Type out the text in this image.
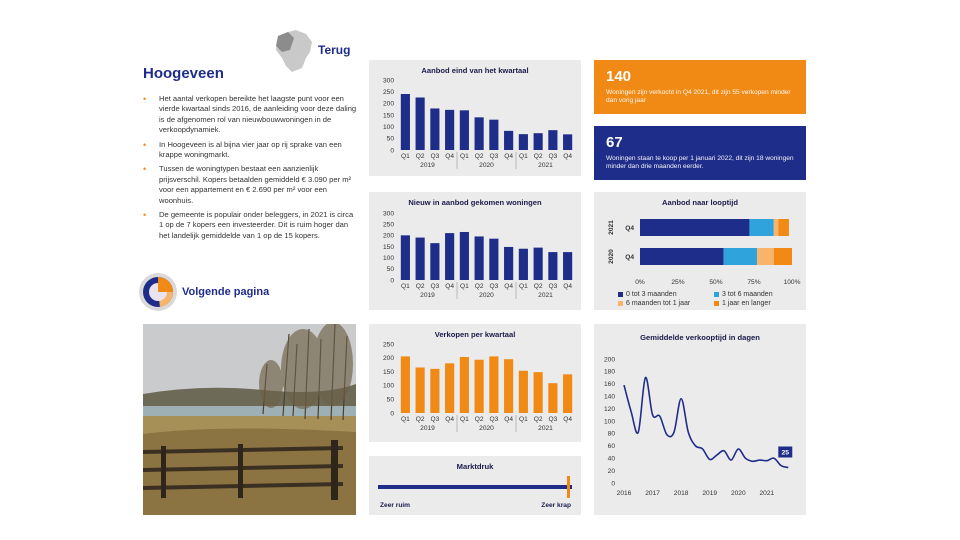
Terug
Hoogeveen
• Het aantal verkopen bereikte het laagste punt voor een vierde kwartaal sinds 2016, de aanleiding voor deze daling is de afgenomen rol van nieuwbouwwoningen in de verkoopdynamiek.
• In Hoogeveen is al bijna vier jaar op rij sprake van een krappe woningmarkt.
• Tussen de woningtypen bestaat een aanzienlijk prijsverschil. Kopers betaalden gemiddeld € 3.090 per m² voor een appartement en € 2.690 per m² voor een woonhuis.
• De gemeente is populair onder beleggers, in 2021 is circa 1 op de 7 kopers een investeerder. Dit is ruim hoger dan het landelijk gemiddelde van 1 op de 15 kopers.
Volgende pagina
Aanbod eind van het kwartaal
0
50
100
150
200
250
300
Q1 Q2 Q3 Q4 Q1 Q2 Q3 Q4 Q1 Q2 Q3 Q4
2019	2020	2021
Nieuw in aanbod gekomen woningen
0
50
100
150
200
250
300
Q1 Q2 Q3 Q4 Q1 Q2 Q3 Q4 Q1 Q2 Q3 Q4
2019	2020	2021
Verkopen per kwartaal
0
50
100
150
200
250
Q1 Q2 Q3 Q4 Q1 Q2 Q3 Q4 Q1 Q2 Q3 Q4
2019	2020	2021
Marktdruk
Zeer ruim	Zeer krap
140
Woningen zijn verkocht in Q4 2021, dit zijn 55 verkopen minder dan vorig jaar
67
Woningen staan te koop per 1 januari 2022, dit zijn 18 woningen minder dan drie maanden eerder.
Aanbod naar looptijd
Q4
2021
Q4
2020
0%	25%	50%	75%	100%
0 tot 3 maanden	3 tot 6 maanden
6 maanden tot 1 jaar	1 jaar en langer
Gemiddelde verkooptijd in dagen
0
20
40
60
80
100
120
140
160
180
200
2016 2017 2018 2019 2020 2021
25
